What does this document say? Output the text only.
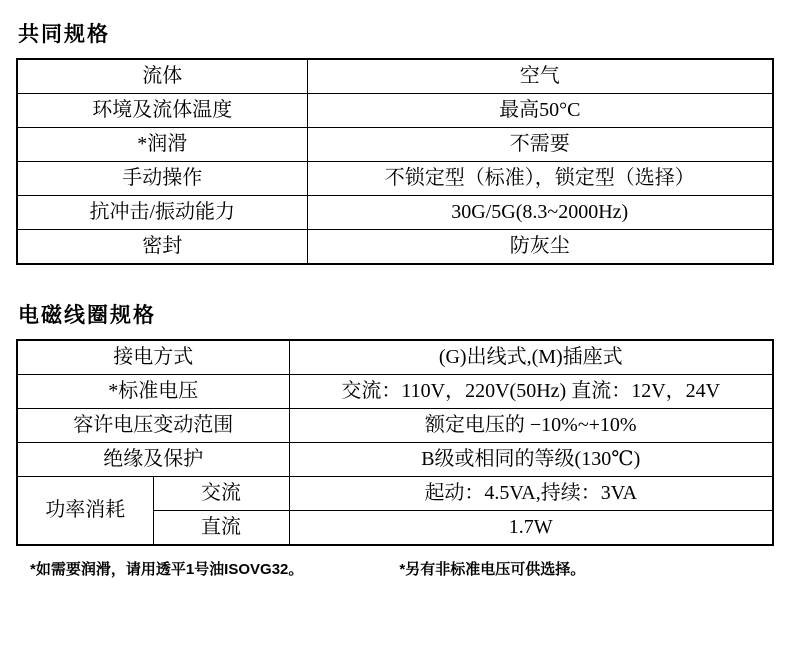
共同规格
流体	空气
环境及流体温度	最高50°C
*润滑	不需要
手动操作	不锁定型（标准），锁定型（选择）
抗冲击/振动能力	30G/5G(8.3~2000Hz)
密封	防灰尘
电磁线圈规格
接电方式		(G)出线式,(M)插座式
*标准电压		交流：110V，220V(50Hz) 直流：12V，24V
容许电压变动范围		额定电压的 −10%~+10%
绝缘及保护		B级或相同的等级(130℃)
功率消耗	交流	起动：4.5VA,持续：3VA
	直流	1.7W
*如需要润滑，请用透平1号油ISOVG32。	*另有非标准电压可供选择。
